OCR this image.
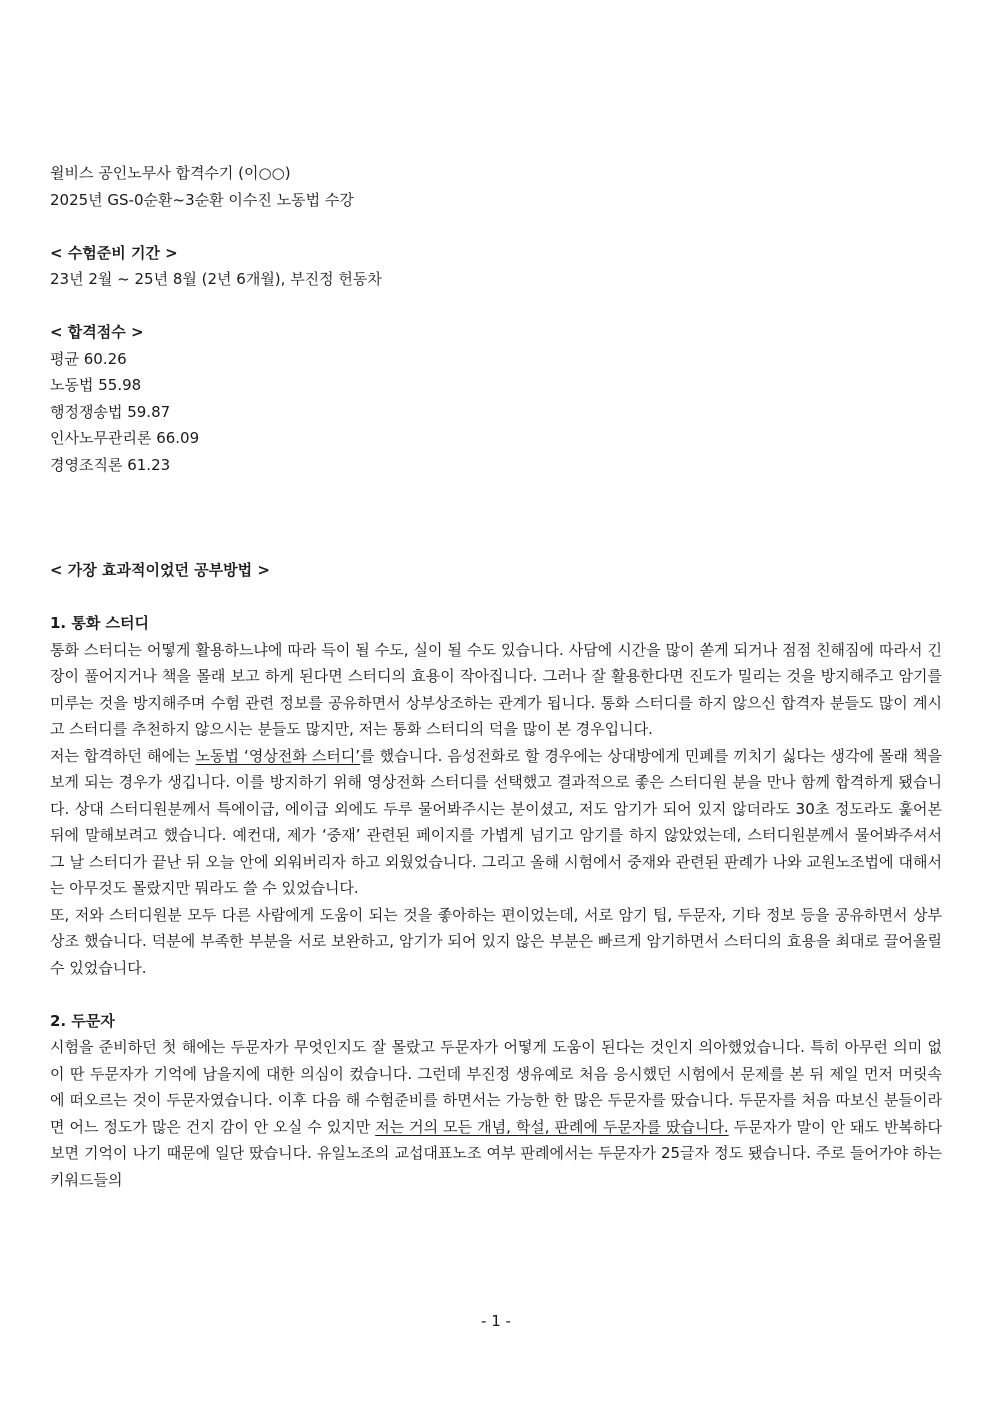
윌비스 공인노무사 합격수기 (이○○)
2025년 GS-0순환~3순환 이수진 노동법 수강
< 수험준비 기간 >
23년 2월 ~ 25년 8월 (2년 6개월), 부진정 헌동차
< 합격점수 >
평균 60.26
노동법 55.98
행정쟁송법 59.87
인사노무관리론 66.09
경영조직론 61.23
< 가장 효과적이었던 공부방법 >
1. 통화 스터디

통화 스터디는 어떻게 활용하느냐에 따라 득이 될 수도, 실이 될 수도 있습니다. 사담에 시간을 많이 쏟게 되거나 점점 친해짐에 따라서 긴장이 풀어지거나 책을 몰래 보고 하게 된다면 스터디의 효용이 작아집니다. 그러나 잘 활용한다면 진도가 밀리는 것을 방지해주고 암기를 미루는 것을 방지해주며 수험 관련 정보를 공유하면서 상부상조하는 관계가 됩니다. 통화 스터디를 하지 않으신 합격자 분들도 많이 계시고 스터디를 추천하지 않으시는 분들도 많지만, 저는 통화 스터디의 덕을 많이 본 경우입니다.

저는 합격하던 해에는 노동법 ‘영상전화 스터디’를 했습니다. 음성전화로 할 경우에는 상대방에게 민폐를 끼치기 싫다는 생각에 몰래 책을 보게 되는 경우가 생깁니다. 이를 방지하기 위해 영상전화 스터디를 선택했고 결과적으로 좋은 스터디원 분을 만나 함께 합격하게 됐습니다. 상대 스터디원분께서 특에이급, 에이급 외에도 두루 물어봐주시는 분이셨고, 저도 암기가 되어 있지 않더라도 30초 정도라도 훑어본 뒤에 말해보려고 했습니다. 예컨대, 제가 ‘중재’ 관련된 페이지를 가볍게 넘기고 암기를 하지 않았었는데, 스터디원분께서 물어봐주셔서 그 날 스터디가 끝난 뒤 오늘 안에 외워버리자 하고 외웠었습니다. 그리고 올해 시험에서 중재와 관련된 판례가 나와 교원노조법에 대해서는 아무것도 몰랐지만 뭐라도 쓸 수 있었습니다.

또, 저와 스터디원분 모두 다른 사람에게 도움이 되는 것을 좋아하는 편이었는데, 서로 암기 팁, 두문자, 기타 정보 등을 공유하면서 상부상조 했습니다. 덕분에 부족한 부분을 서로 보완하고, 암기가 되어 있지 않은 부분은 빠르게 암기하면서 스터디의 효용을 최대로 끌어올릴 수 있었습니다.

2. 두문자

시험을 준비하던 첫 해에는 두문자가 무엇인지도 잘 몰랐고 두문자가 어떻게 도움이 된다는 것인지 의아했었습니다. 특히 아무런 의미 없이 딴 두문자가 기억에 남을지에 대한 의심이 컸습니다. 그런데 부진정 생유예로 처음 응시했던 시험에서 문제를 본 뒤 제일 먼저 머릿속에 떠오르는 것이 두문자였습니다. 이후 다음 해 수험준비를 하면서는 가능한 한 많은 두문자를 땄습니다. 두문자를 처음 따보신 분들이라면 어느 정도가 많은 건지 감이 안 오실 수 있지만 저는 거의 모든 개념, 학설, 판례에 두문자를 땄습니다. 두문자가 말이 안 돼도 반복하다보면 기억이 나기 때문에 일단 땄습니다. 유일노조의 교섭대표노조 여부 판례에서는 두문자가 25글자 정도 됐습니다. 주로 들어가야 하는 키워드들의

- 1 -
